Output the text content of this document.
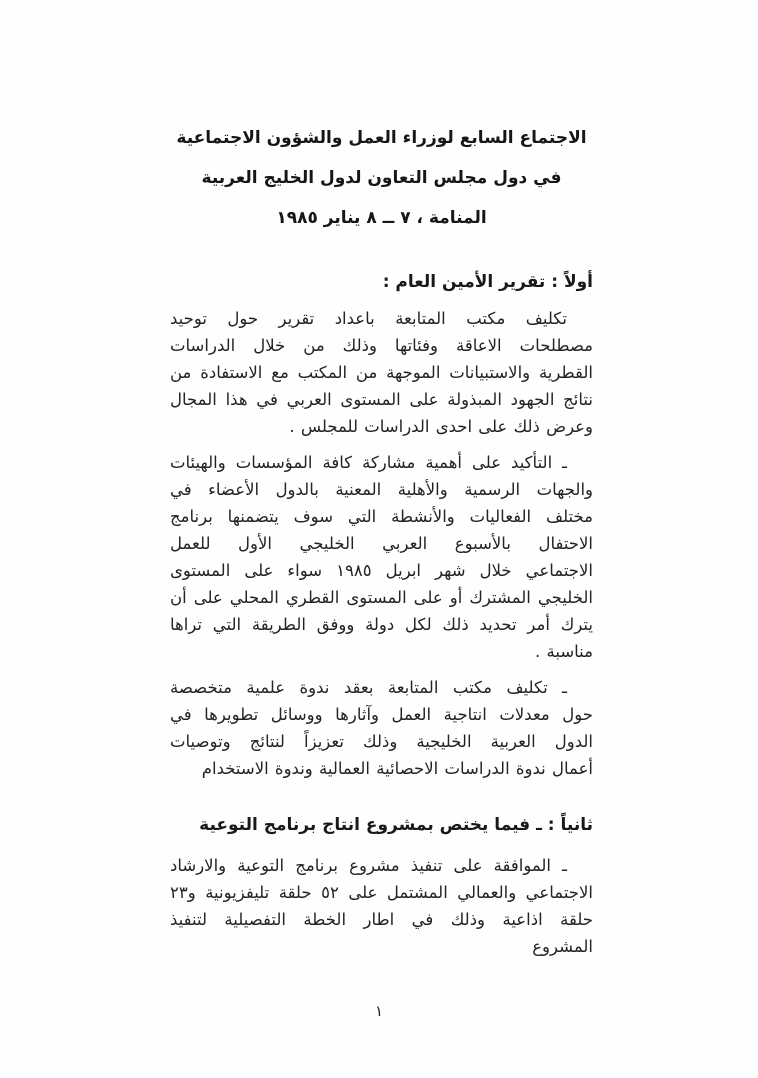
الاجتماع السابع لوزراء العمل والشؤون الاجتماعية
في دول مجلس التعاون لدول الخليج العربية
المنامة ، ٧ ــ ٨ يناير ١٩٨٥
أولاً : تقرير الأمين العام :
تكليف مكتب المتابعة باعداد تقرير حول توحيد
مصطلحات الاعاقة وفئاتها وذلك من خلال الدراسات
القطرية والاستبيانات الموجهة من المكتب مع الاستفادة من
نتائج الجهود المبذولة على المستوى العربي في هذا المجال
وعرض ذلك على احدى الدراسات للمجلس .
ـ التأكيد على أهمية مشاركة كافة المؤسسات والهيئات
والجهات الرسمية والأهلية المعنية بالدول الأعضاء في
مختلف الفعاليات والأنشطة التي سوف يتضمنها برنامج
الاحتفال بالأسبوع العربي الخليجي الأول للعمل
الاجتماعي خلال شهر ابريل ١٩٨٥ سواء على المستوى
الخليجي المشترك أو على المستوى القطري المحلي على أن
يترك أمر تحديد ذلك لكل دولة ووفق الطريقة التي تراها
مناسبة .
ـ تكليف مكتب المتابعة بعقد ندوة علمية متخصصة
حول معدلات انتاجية العمل وآثارها ووسائل تطويرها في
الدول العربية الخليجية وذلك تعزيزاً لنتائج وتوصيات
أعمال ندوة الدراسات الاحصائية العمالية وندوة الاستخدام
ثانياً : ـ فيما يختص بمشروع انتاج برنامج التوعية
ـ الموافقة على تنفيذ مشروع برنامج التوعية والارشاد
الاجتماعي والعمالي المشتمل على ٥٢ حلقة تليفزيونية و٢٣
حلقة اذاعية وذلك في اطار الخطة التفصيلية لتنفيذ
المشروع
١
